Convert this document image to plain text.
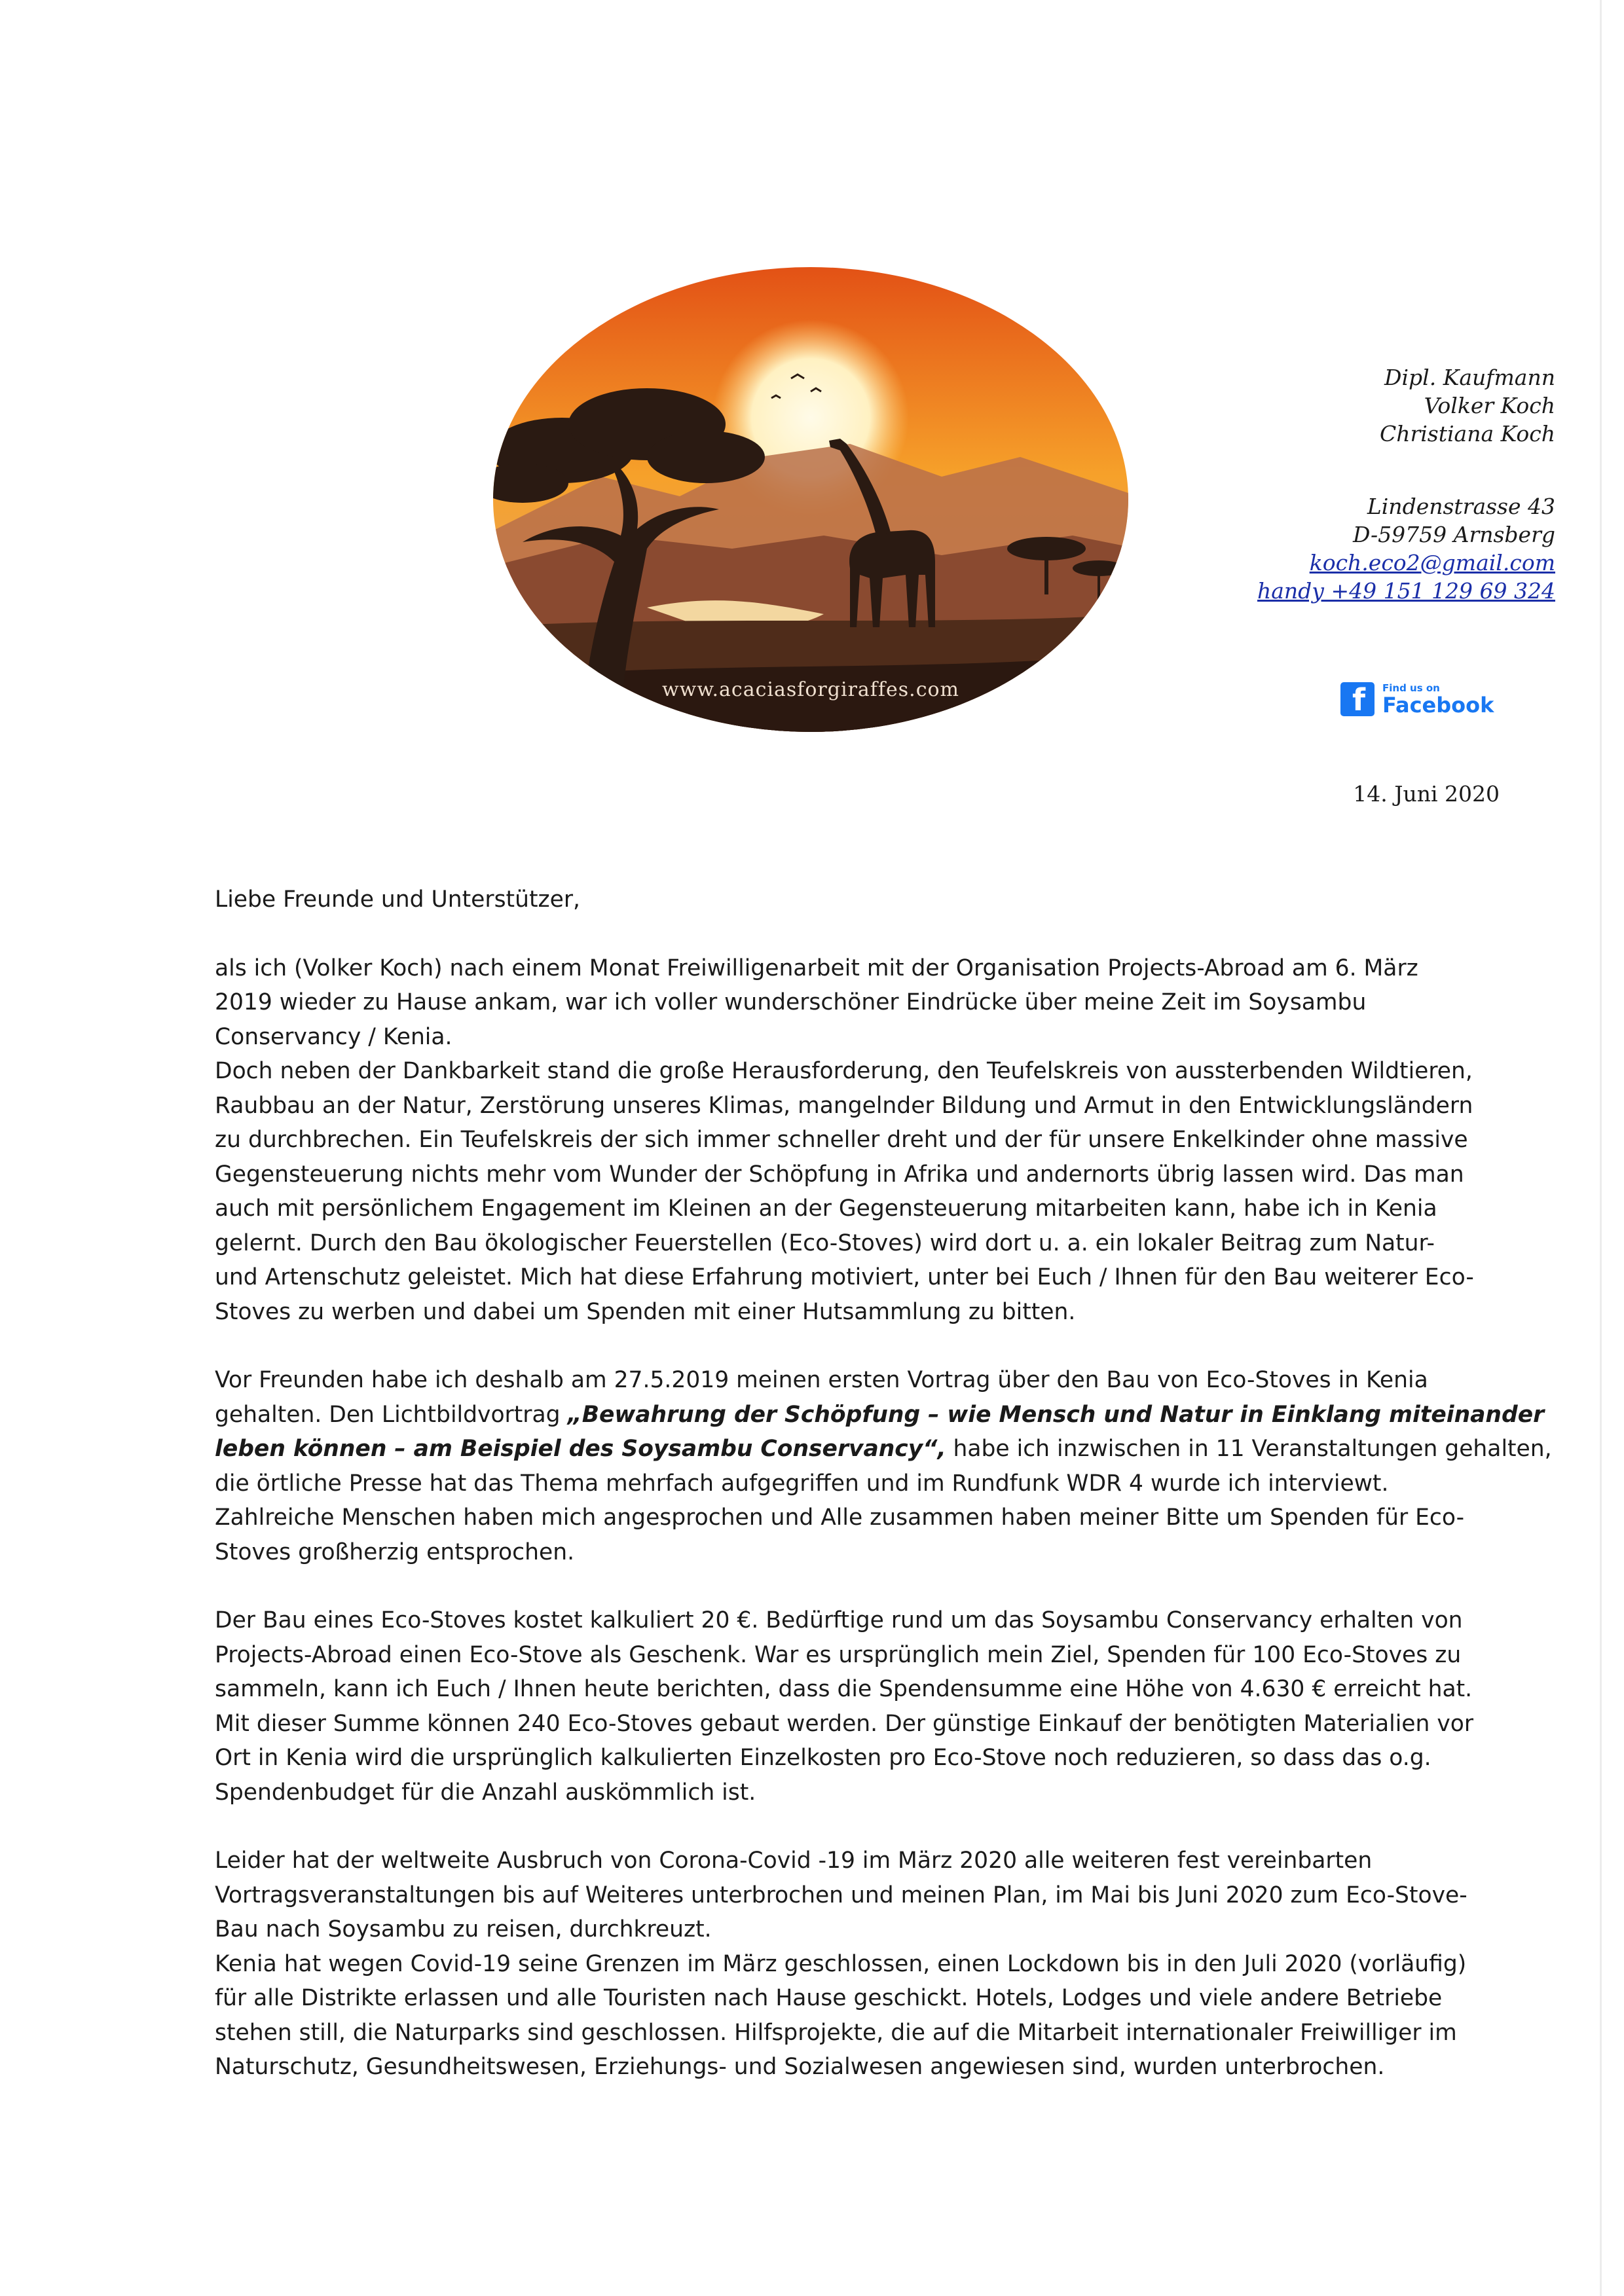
www.acaciasforgiraffes.com
Dipl. Kaufmann
Volker Koch
Christiana Koch
Lindenstrasse 43
D-59759 Arnsberg
koch.eco2@gmail.com
handy +49 151 129 69 324
f Find us on
Facebook
14. Juni 2020

Liebe Freunde und Unterstützer,

als ich (Volker Koch) nach einem Monat Freiwilligenarbeit mit der Organisation Projects-Abroad am 6. März
2019 wieder zu Hause ankam, war ich voller wunderschöner Eindrücke über meine Zeit im Soysambu
Conservancy / Kenia.
Doch neben der Dankbarkeit stand die große Herausforderung, den Teufelskreis von aussterbenden Wildtieren,
Raubbau an der Natur, Zerstörung unseres Klimas, mangelnder Bildung und Armut in den Entwicklungsländern
zu durchbrechen. Ein Teufelskreis der sich immer schneller dreht und der für unsere Enkelkinder ohne massive
Gegensteuerung nichts mehr vom Wunder der Schöpfung in Afrika und andernorts übrig lassen wird. Das man
auch mit persönlichem Engagement im Kleinen an der Gegensteuerung mitarbeiten kann, habe ich in Kenia
gelernt. Durch den Bau ökologischer Feuerstellen (Eco-Stoves) wird dort u. a. ein lokaler Beitrag zum Natur-
und Artenschutz geleistet. Mich hat diese Erfahrung motiviert, unter bei Euch / Ihnen für den Bau weiterer Eco-
Stoves zu werben und dabei um Spenden mit einer Hutsammlung zu bitten.

Vor Freunden habe ich deshalb am 27.5.2019 meinen ersten Vortrag über den Bau von Eco-Stoves in Kenia
gehalten. Den Lichtbildvortrag „Bewahrung der Schöpfung – wie Mensch und Natur in Einklang miteinander
leben können – am Beispiel des Soysambu Conservancy“, habe ich inzwischen in 11 Veranstaltungen gehalten,
die örtliche Presse hat das Thema mehrfach aufgegriffen und im Rundfunk WDR 4 wurde ich interviewt.
Zahlreiche Menschen haben mich angesprochen und Alle zusammen haben meiner Bitte um Spenden für Eco-
Stoves großherzig entsprochen.

Der Bau eines Eco-Stoves kostet kalkuliert 20 €. Bedürftige rund um das Soysambu Conservancy erhalten von
Projects-Abroad einen Eco-Stove als Geschenk. War es ursprünglich mein Ziel, Spenden für 100 Eco-Stoves zu
sammeln, kann ich Euch / Ihnen heute berichten, dass die Spendensumme eine Höhe von 4.630 € erreicht hat.
Mit dieser Summe können 240 Eco-Stoves gebaut werden. Der günstige Einkauf der benötigten Materialien vor
Ort in Kenia wird die ursprünglich kalkulierten Einzelkosten pro Eco-Stove noch reduzieren, so dass das o.g.
Spendenbudget für die Anzahl auskömmlich ist.

Leider hat der weltweite Ausbruch von Corona-Covid -19 im März 2020 alle weiteren fest vereinbarten
Vortragsveranstaltungen bis auf Weiteres unterbrochen und meinen Plan, im Mai bis Juni 2020 zum Eco-Stove-
Bau nach Soysambu zu reisen, durchkreuzt.
Kenia hat wegen Covid-19 seine Grenzen im März geschlossen, einen Lockdown bis in den Juli 2020 (vorläufig)
für alle Distrikte erlassen und alle Touristen nach Hause geschickt. Hotels, Lodges und viele andere Betriebe
stehen still, die Naturparks sind geschlossen. Hilfsprojekte, die auf die Mitarbeit internationaler Freiwilliger im
Naturschutz, Gesundheitswesen, Erziehungs- und Sozialwesen angewiesen sind, wurden unterbrochen.
